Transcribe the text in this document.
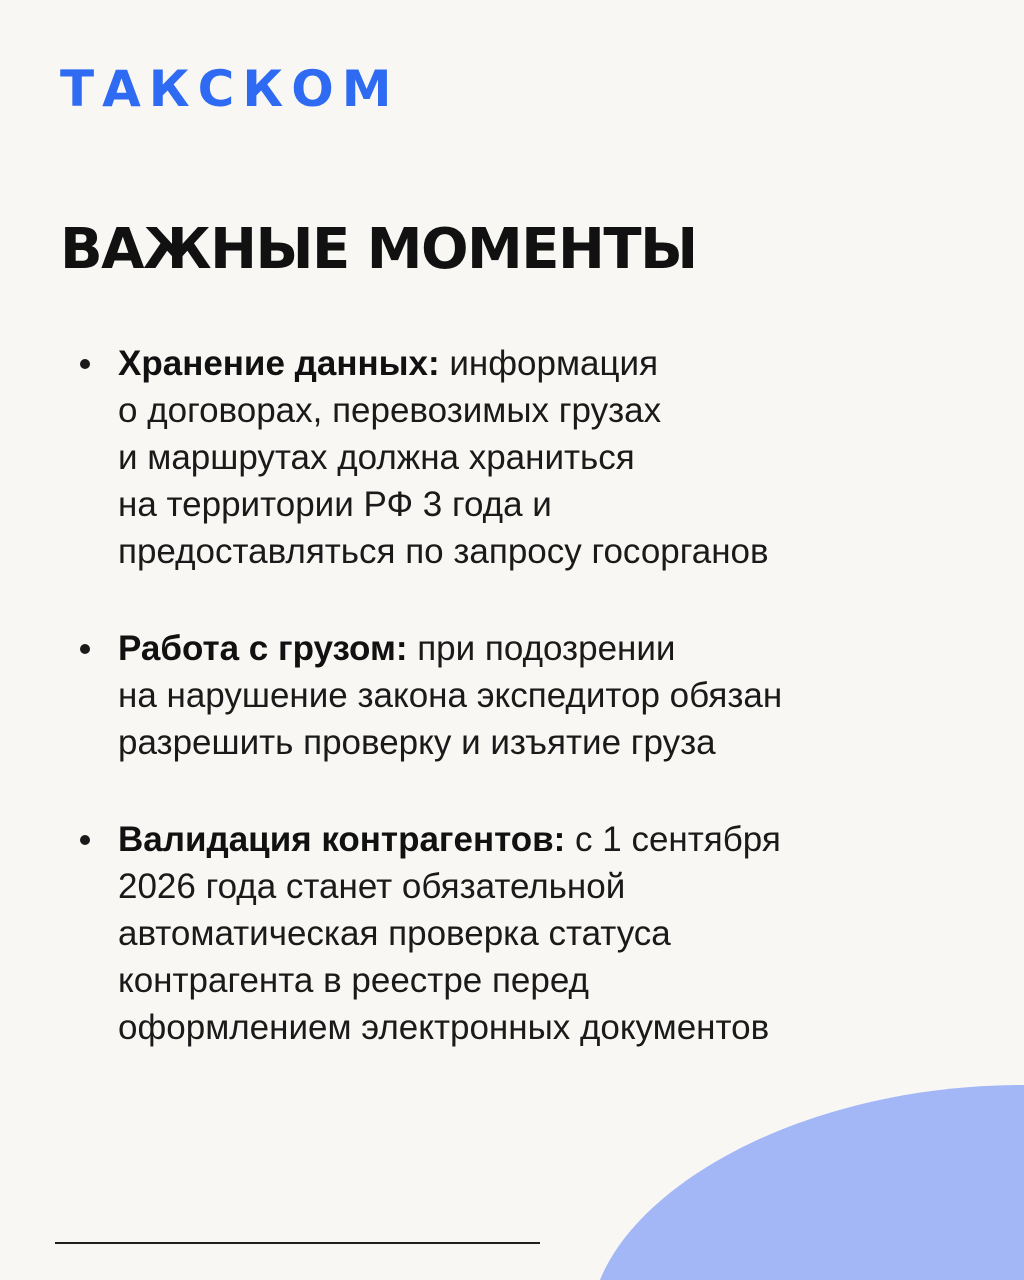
ТАКСКОМ
ВАЖНЫЕ МОМЕНТЫ
Хранение данных: информация
о договорах, перевозимых грузах
и маршрутах должна храниться
на территории РФ 3 года и
предоставляться по запросу госорганов
Работа с грузом: при подозрении
на нарушение закона экспедитор обязан
разрешить проверку и изъятие груза
Валидация контрагентов: с 1 сентября
2026 года станет обязательной
автоматическая проверка статуса
контрагента в реестре перед
оформлением электронных документов
